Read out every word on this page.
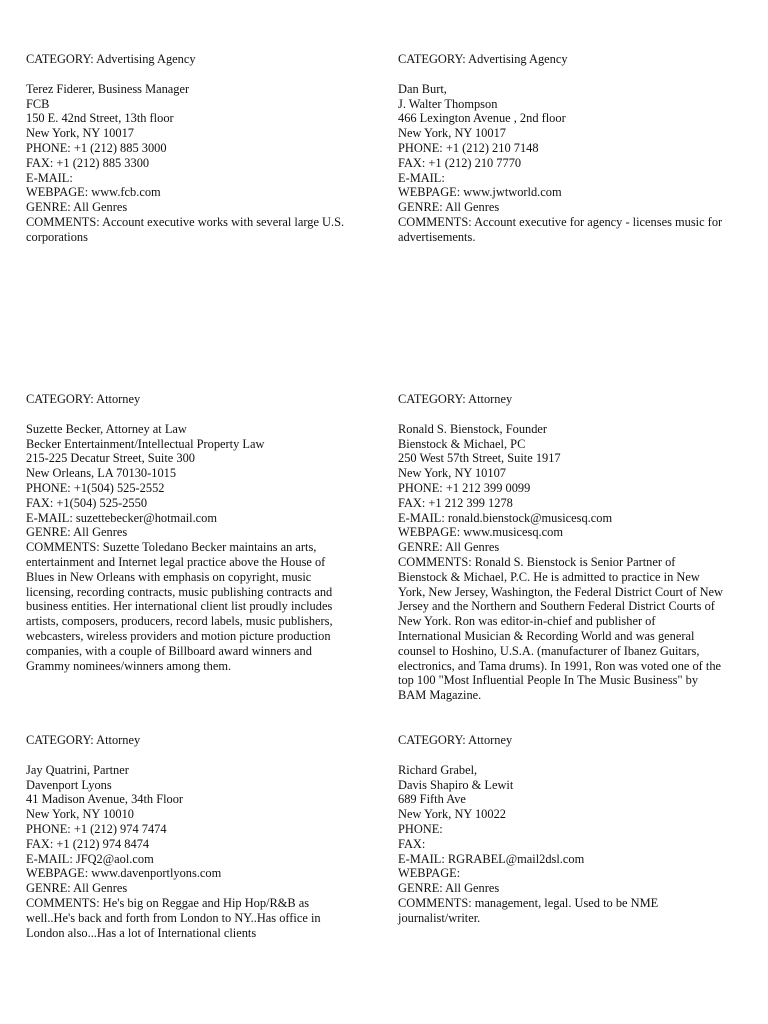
CATEGORY: Advertising Agency

Terez Fiderer, Business Manager
FCB
150 E. 42nd Street, 13th floor
New York, NY 10017
PHONE: +1 (212) 885 3000
FAX: +1 (212) 885 3300
E-MAIL:
WEBPAGE: www.fcb.com
GENRE: All Genres
COMMENTS: Account executive works with several large U.S.
corporations

CATEGORY: Advertising Agency

Dan Burt,
J. Walter Thompson
466 Lexington Avenue , 2nd floor
New York, NY 10017
PHONE: +1 (212) 210 7148
FAX: +1 (212) 210 7770
E-MAIL:
WEBPAGE: www.jwtworld.com
GENRE: All Genres
COMMENTS: Account executive for agency - licenses music for
advertisements.

CATEGORY: Attorney

Suzette Becker, Attorney at Law
Becker Entertainment/Intellectual Property Law
215-225 Decatur Street, Suite 300
New Orleans, LA 70130-1015
PHONE: +1(504) 525-2552
FAX: +1(504) 525-2550
E-MAIL: suzettebecker@hotmail.com
GENRE: All Genres
COMMENTS: Suzette Toledano Becker maintains an arts,
entertainment and Internet legal practice above the House of
Blues in New Orleans with emphasis on copyright, music
licensing, recording contracts, music publishing contracts and
business entities. Her international client list proudly includes
artists, composers, producers, record labels, music publishers,
webcasters, wireless providers and motion picture production
companies, with a couple of Billboard award winners and
Grammy nominees/winners among them.

CATEGORY: Attorney

Ronald S. Bienstock, Founder
Bienstock & Michael, PC
250 West 57th Street, Suite 1917
New York, NY 10107
PHONE: +1 212 399 0099
FAX: +1 212 399 1278
E-MAIL: ronald.bienstock@musicesq.com
WEBPAGE: www.musicesq.com
GENRE: All Genres
COMMENTS: Ronald S. Bienstock is Senior Partner of
Bienstock & Michael, P.C. He is admitted to practice in New
York, New Jersey, Washington, the Federal District Court of New
Jersey and the Northern and Southern Federal District Courts of
New York. Ron was editor-in-chief and publisher of
International Musician & Recording World and was general
counsel to Hoshino, U.S.A. (manufacturer of Ibanez Guitars,
electronics, and Tama drums). In 1991, Ron was voted one of the
top 100 "Most Influential People In The Music Business" by
BAM Magazine.

CATEGORY: Attorney

Jay Quatrini, Partner
Davenport Lyons
41 Madison Avenue, 34th Floor
New York, NY 10010
PHONE: +1 (212) 974 7474
FAX: +1 (212) 974 8474
E-MAIL: JFQ2@aol.com
WEBPAGE: www.davenportlyons.com
GENRE: All Genres
COMMENTS: He's big on Reggae and Hip Hop/R&B as
well..He's back and forth from London to NY..Has office in
London also...Has a lot of International clients

CATEGORY: Attorney

Richard Grabel,
Davis Shapiro & Lewit
689 Fifth Ave
New York, NY 10022
PHONE:
FAX:
E-MAIL: RGRABEL@mail2dsl.com
WEBPAGE:
GENRE: All Genres
COMMENTS: management, legal. Used to be NME
journalist/writer.
